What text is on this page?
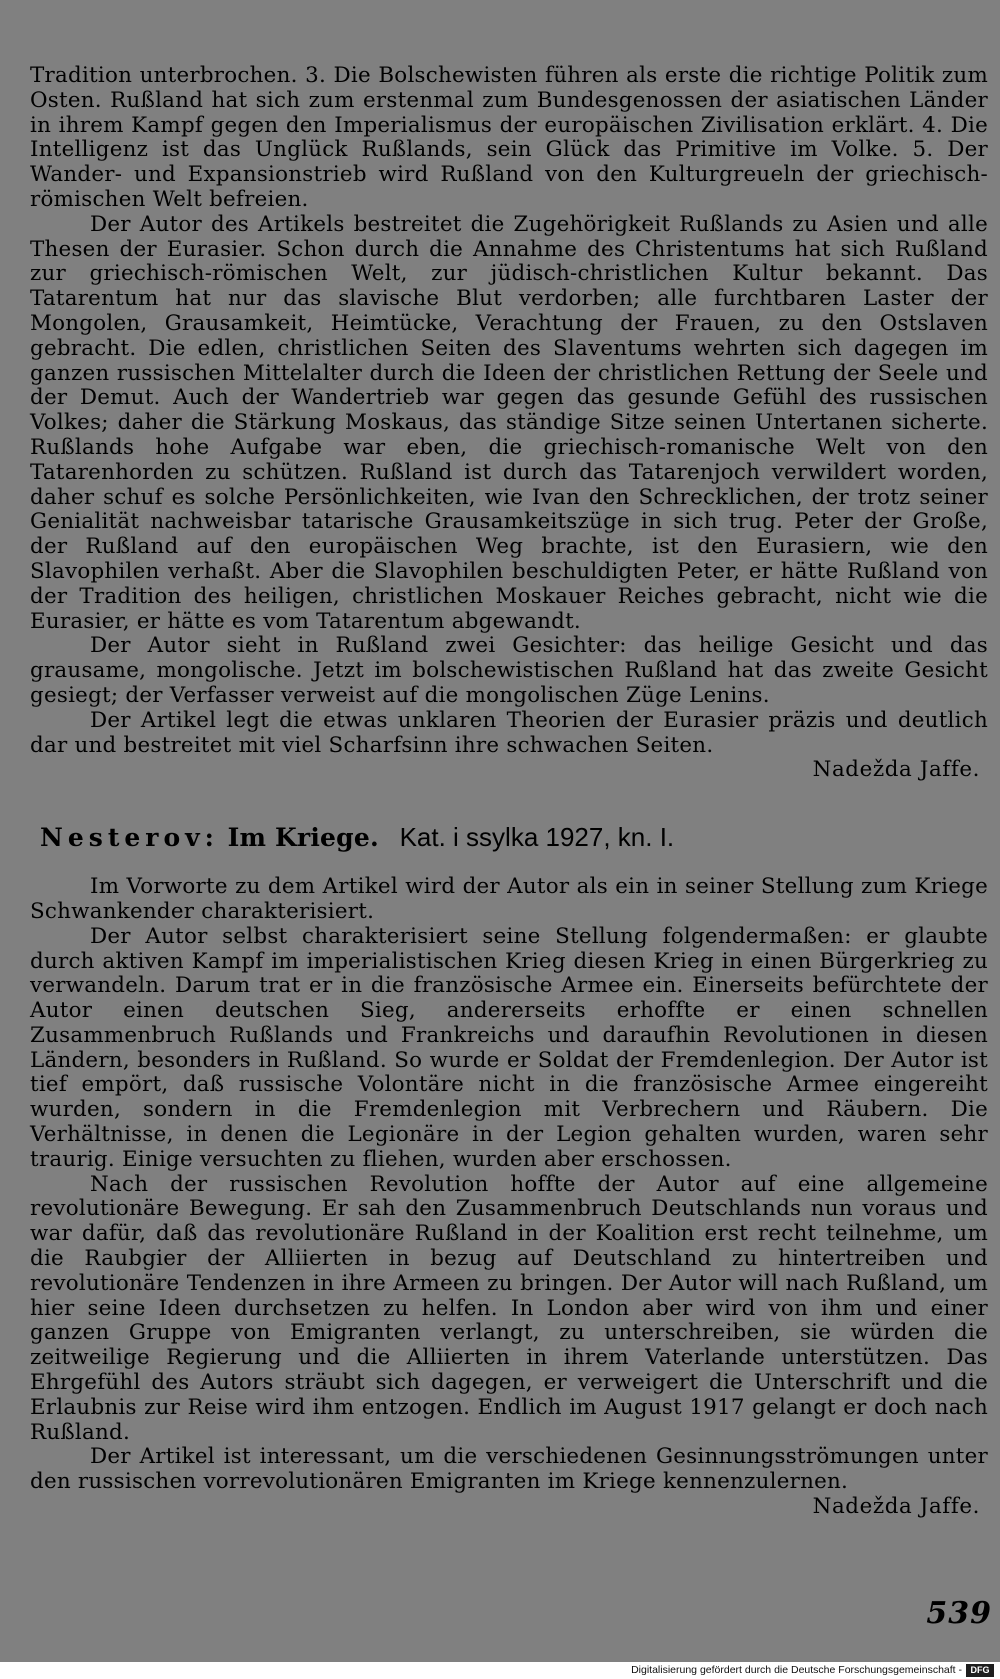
Tradition unterbrochen. 3. Die Bolschewisten führen als erste die richtige Politik zum Osten. Rußland hat sich zum erstenmal zum Bundesgenossen der asiatischen Länder in ihrem Kampf gegen den Imperialismus der europäischen Zivilisation erklärt. 4. Die Intelligenz ist das Unglück Rußlands, sein Glück das Primitive im Volke. 5. Der Wander- und Expansionstrieb wird Rußland von den Kulturgreueln der griechisch-römischen Welt befreien.

Der Autor des Artikels bestreitet die Zugehörigkeit Rußlands zu Asien und alle Thesen der Eurasier. Schon durch die Annahme des Christentums hat sich Rußland zur griechisch-römischen Welt, zur jüdisch-christlichen Kultur bekannt. Das Tatarentum hat nur das slavische Blut verdorben; alle furchtbaren Laster der Mongolen, Grausamkeit, Heimtücke, Verachtung der Frauen, zu den Ostslaven gebracht. Die edlen, christlichen Seiten des Slaventums wehrten sich dagegen im ganzen russischen Mittelalter durch die Ideen der christlichen Rettung der Seele und der Demut. Auch der Wandertrieb war gegen das gesunde Gefühl des russischen Volkes; daher die Stärkung Moskaus, das ständige Sitze seinen Untertanen sicherte. Rußlands hohe Aufgabe war eben, die griechisch-romanische Welt von den Tatarenhorden zu schützen. Rußland ist durch das Tatarenjoch verwildert worden, daher schuf es solche Persönlichkeiten, wie Ivan den Schrecklichen, der trotz seiner Genialität nachweisbar tatarische Grausamkeitszüge in sich trug. Peter der Große, der Rußland auf den europäischen Weg brachte, ist den Eurasiern, wie den Slavophilen verhaßt. Aber die Slavophilen beschuldigten Peter, er hätte Rußland von der Tradition des heiligen, christlichen Moskauer Reiches gebracht, nicht wie die Eurasier, er hätte es vom Tatarentum abgewandt.

Der Autor sieht in Rußland zwei Gesichter: das heilige Gesicht und das grausame, mongolische. Jetzt im bolschewistischen Rußland hat das zweite Gesicht gesiegt; der Verfasser verweist auf die mongolischen Züge Lenins.

Der Artikel legt die etwas unklaren Theorien der Eurasier präzis und deutlich dar und bestreitet mit viel Scharfsinn ihre schwachen Seiten.

Nadežda Jaffe.
Nesterov: Im Kriege. Kat. i ssylka 1927, kn. I.

Im Vorworte zu dem Artikel wird der Autor als ein in seiner Stellung zum Kriege Schwankender charakterisiert.

Der Autor selbst charakterisiert seine Stellung folgendermaßen: er glaubte durch aktiven Kampf im imperialistischen Krieg diesen Krieg in einen Bürgerkrieg zu verwandeln. Darum trat er in die französische Armee ein. Einerseits befürchtete der Autor einen deutschen Sieg, andererseits erhoffte er einen schnellen Zusammenbruch Rußlands und Frankreichs und daraufhin Revolutionen in diesen Ländern, besonders in Rußland. So wurde er Soldat der Fremdenlegion. Der Autor ist tief empört, daß russische Volontäre nicht in die französische Armee eingereiht wurden, sondern in die Fremdenlegion mit Verbrechern und Räubern. Die Verhältnisse, in denen die Legionäre in der Legion gehalten wurden, waren sehr traurig. Einige versuchten zu fliehen, wurden aber erschossen.

Nach der russischen Revolution hoffte der Autor auf eine allgemeine revolutionäre Bewegung. Er sah den Zusammenbruch Deutschlands nun voraus und war dafür, daß das revolutionäre Rußland in der Koalition erst recht teilnehme, um die Raubgier der Alliierten in bezug auf Deutschland zu hintertreiben und revolutionäre Tendenzen in ihre Armeen zu bringen. Der Autor will nach Rußland, um hier seine Ideen durchsetzen zu helfen. In London aber wird von ihm und einer ganzen Gruppe von Emigranten verlangt, zu unterschreiben, sie würden die zeitweilige Regierung und die Alliierten in ihrem Vaterlande unterstützen. Das Ehrgefühl des Autors sträubt sich dagegen, er verweigert die Unterschrift und die Erlaubnis zur Reise wird ihm entzogen. Endlich im August 1917 gelangt er doch nach Rußland.

Der Artikel ist interessant, um die verschiedenen Gesinnungsströmungen unter den russischen vorrevolutionären Emigranten im Kriege kennenzulernen.

Nadežda Jaffe.
539
Digitalisierung gefördert durch die Deutsche Forschungsgemeinschaft - DFG
